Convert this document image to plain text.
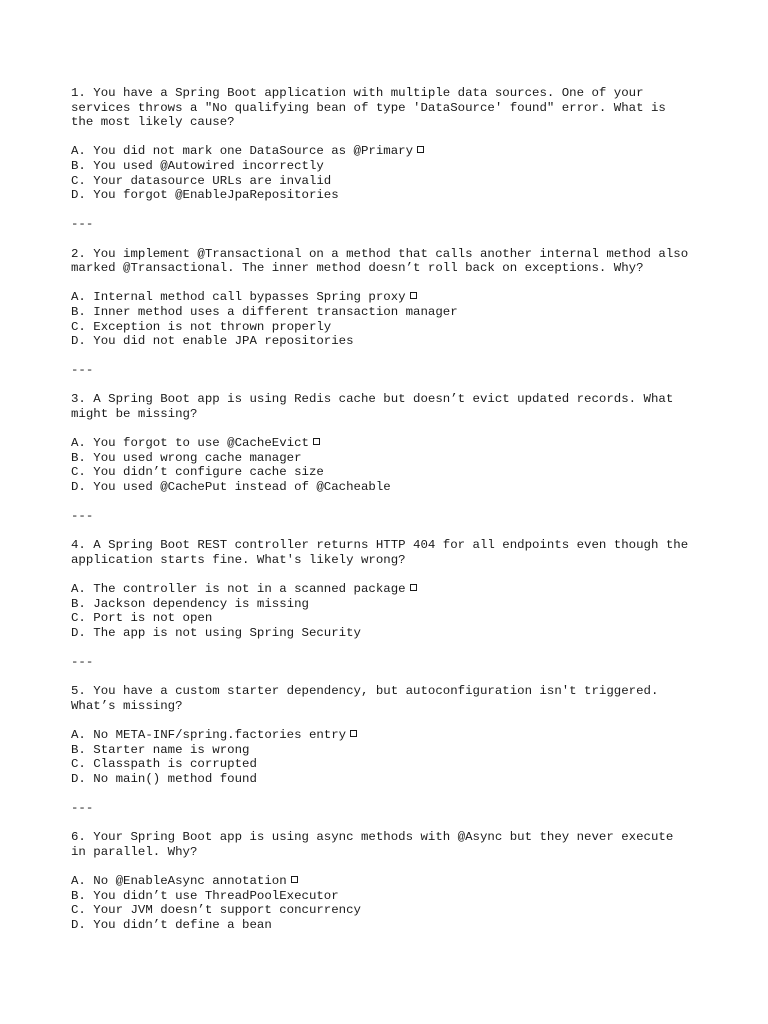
1. You have a Spring Boot application with multiple data sources. One of your
services throws a "No qualifying bean of type 'DataSource' found" error. What is
the most likely cause?
A. You did not mark one DataSource as @Primary
B. You used @Autowired incorrectly
C. Your datasource URLs are invalid
D. You forgot @EnableJpaRepositories
---
2. You implement @Transactional on a method that calls another internal method also
marked @Transactional. The inner method doesn’t roll back on exceptions. Why?
A. Internal method call bypasses Spring proxy
B. Inner method uses a different transaction manager
C. Exception is not thrown properly
D. You did not enable JPA repositories
---
3. A Spring Boot app is using Redis cache but doesn’t evict updated records. What
might be missing?
A. You forgot to use @CacheEvict
B. You used wrong cache manager
C. You didn’t configure cache size
D. You used @CachePut instead of @Cacheable
---
4. A Spring Boot REST controller returns HTTP 404 for all endpoints even though the
application starts fine. What's likely wrong?
A. The controller is not in a scanned package
B. Jackson dependency is missing
C. Port is not open
D. The app is not using Spring Security
---
5. You have a custom starter dependency, but autoconfiguration isn't triggered.
What’s missing?
A. No META-INF/spring.factories entry
B. Starter name is wrong
C. Classpath is corrupted
D. No main() method found
---
6. Your Spring Boot app is using async methods with @Async but they never execute
in parallel. Why?
A. No @EnableAsync annotation
B. You didn’t use ThreadPoolExecutor
C. Your JVM doesn’t support concurrency
D. You didn’t define a bean
